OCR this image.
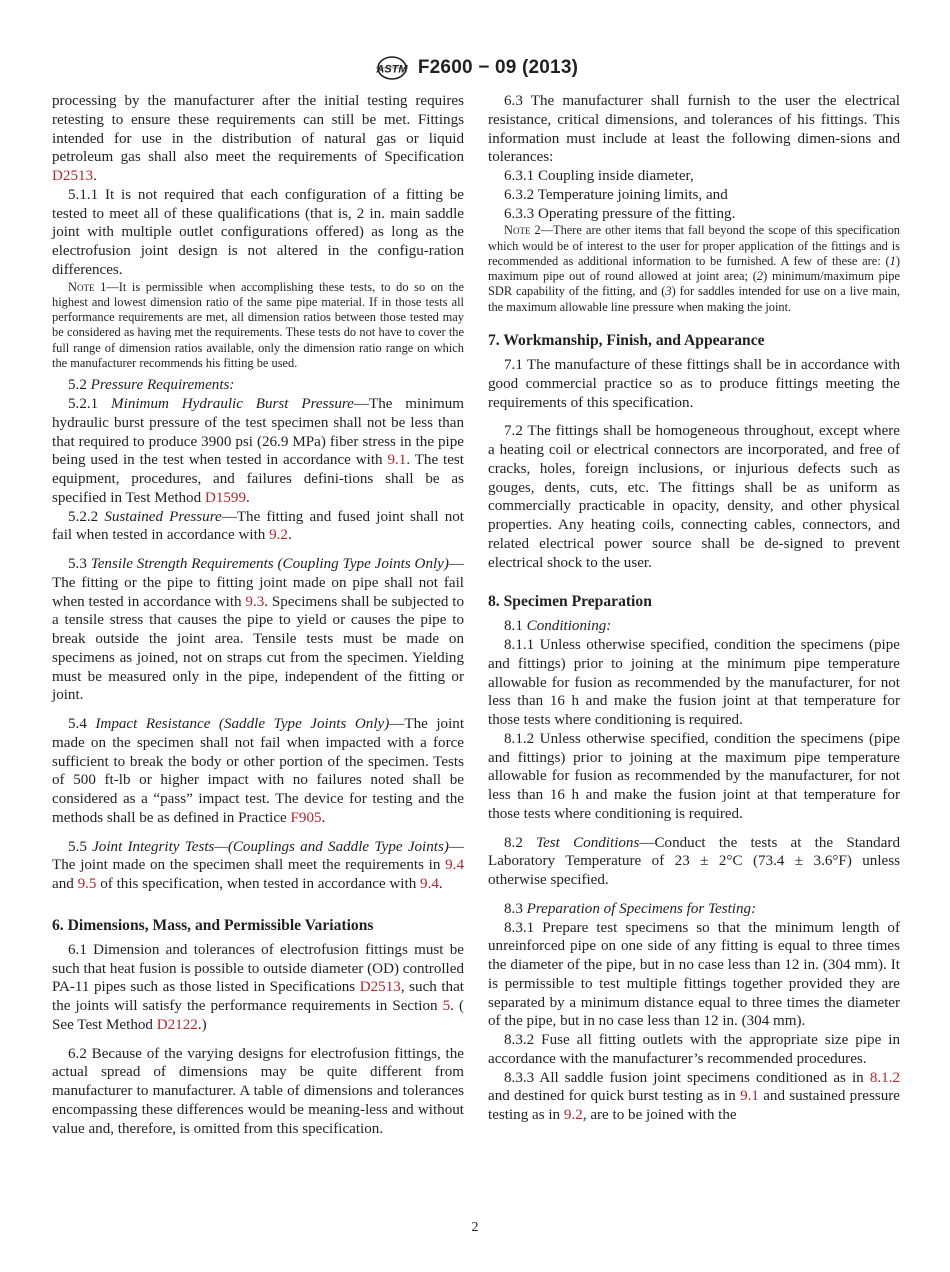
ASTM F2600 − 09 (2013)

processing by the manufacturer after the initial testing requires retesting to ensure these requirements can still be met. Fittings intended for use in the distribution of natural gas or liquid petroleum gas shall also meet the requirements of Specification D2513.

5.1.1 It is not required that each configuration of a fitting be tested to meet all of these qualifications (that is, 2 in. main saddle joint with multiple outlet configurations offered) as long as the electrofusion joint design is not altered in the configu-ration differences.

Note 1—It is permissible when accomplishing these tests, to do so on the highest and lowest dimension ratio of the same pipe material. If in those tests all performance requirements are met, all dimension ratios between those tested may be considered as having met the requirements. These tests do not have to cover the full range of dimension ratios available, only the dimension ratio range on which the manufacturer recommends his fitting be used.

5.2 Pressure Requirements:

5.2.1 Minimum Hydraulic Burst Pressure—The minimum hydraulic burst pressure of the test specimen shall not be less than that required to produce 3900 psi (26.9 MPa) fiber stress in the pipe being used in the test when tested in accordance with 9.1. The test equipment, procedures, and failures defini-tions shall be as specified in Test Method D1599.

5.2.2 Sustained Pressure—The fitting and fused joint shall not fail when tested in accordance with 9.2.

5.3 Tensile Strength Requirements (Coupling Type Joints Only)—The fitting or the pipe to fitting joint made on pipe shall not fail when tested in accordance with 9.3. Specimens shall be subjected to a tensile stress that causes the pipe to yield or causes the pipe to break outside the joint area. Tensile tests must be made on specimens as joined, not on straps cut from the specimen. Yielding must be measured only in the pipe, independent of the fitting or joint.

5.4 Impact Resistance (Saddle Type Joints Only)—The joint made on the specimen shall not fail when impacted with a force sufficient to break the body or other portion of the specimen. Tests of 500 ft-lb or higher impact with no failures noted shall be considered as a “pass” impact test. The device for testing and the methods shall be as defined in Practice F905.

5.5 Joint Integrity Tests—(Couplings and Saddle Type Joints)—The joint made on the specimen shall meet the requirements in 9.4 and 9.5 of this specification, when tested in accordance with 9.4.

6. Dimensions, Mass, and Permissible Variations

6.1 Dimension and tolerances of electrofusion fittings must be such that heat fusion is possible to outside diameter (OD) controlled PA-11 pipes such as those listed in Specifications D2513, such that the joints will satisfy the performance requirements in Section 5. ( See Test Method D2122.)

6.2 Because of the varying designs for electrofusion fittings, the actual spread of dimensions may be quite different from manufacturer to manufacturer. A table of dimensions and tolerances encompassing these differences would be meaning-less and without value and, therefore, is omitted from this specification.

6.3 The manufacturer shall furnish to the user the electrical resistance, critical dimensions, and tolerances of his fittings. This information must include at least the following dimen-sions and tolerances:

6.3.1 Coupling inside diameter,

6.3.2 Temperature joining limits, and

6.3.3 Operating pressure of the fitting.

Note 2—There are other items that fall beyond the scope of this specification which would be of interest to the user for proper application of the fittings and is recommended as additional information to be furnished. A few of these are: (1) maximum pipe out of round allowed at joint area; (2) minimum/maximum pipe SDR capability of the fitting, and (3) for saddles intended for use on a live main, the maximum allowable line pressure when making the joint.

7. Workmanship, Finish, and Appearance

7.1 The manufacture of these fittings shall be in accordance with good commercial practice so as to produce fittings meeting the requirements of this specification.

7.2 The fittings shall be homogeneous throughout, except where a heating coil or electrical connectors are incorporated, and free of cracks, holes, foreign inclusions, or injurious defects such as gouges, dents, cuts, etc. The fittings shall be as uniform as commercially practicable in opacity, density, and other physical properties. Any heating coils, connecting cables, connectors, and related electrical power source shall be de-signed to prevent electrical shock to the user.

8. Specimen Preparation

8.1 Conditioning:

8.1.1 Unless otherwise specified, condition the specimens (pipe and fittings) prior to joining at the minimum pipe temperature allowable for fusion as recommended by the manufacturer, for not less than 16 h and make the fusion joint at that temperature for those tests where conditioning is required.

8.1.2 Unless otherwise specified, condition the specimens (pipe and fittings) prior to joining at the maximum pipe temperature allowable for fusion as recommended by the manufacturer, for not less than 16 h and make the fusion joint at that temperature for those tests where conditioning is required.

8.2 Test Conditions—Conduct the tests at the Standard Laboratory Temperature of 23 ± 2°C (73.4 ± 3.6°F) unless otherwise specified.

8.3 Preparation of Specimens for Testing:

8.3.1 Prepare test specimens so that the minimum length of unreinforced pipe on one side of any fitting is equal to three times the diameter of the pipe, but in no case less than 12 in. (304 mm). It is permissible to test multiple fittings together provided they are separated by a minimum distance equal to three times the diameter of the pipe, but in no case less than 12 in. (304 mm).

8.3.2 Fuse all fitting outlets with the appropriate size pipe in accordance with the manufacturer’s recommended procedures.

8.3.3 All saddle fusion joint specimens conditioned as in 8.1.2 and destined for quick burst testing as in 9.1 and sustained pressure testing as in 9.2, are to be joined with the

2
